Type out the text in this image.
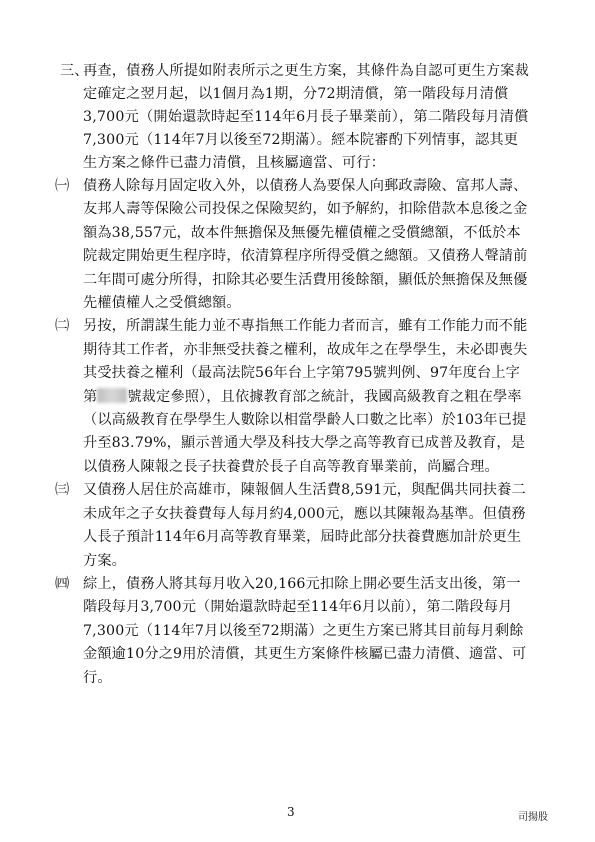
三、
再查，債務人所提如附表所示之更生方案，其條件為自認可更生方案裁定確定之翌月起，以1個月為1期，分72期清償，第一階段每月清償3,700元（開始還款時起至114年6月長子畢業前），第二階段每月清償7,300元（114年7月以後至72期滿）。經本院審酌下列情事，認其更生方案之條件已盡力清償，且核屬適當、可行：
㈠ 債務人除每月固定收入外，以債務人為要保人向郵政壽險、富邦人壽、友邦人壽等保險公司投保之保險契約，如予解約，扣除借款本息後之金額為38,557元，故本件無擔保及無優先權債權之受償總額，不低於本院裁定開始更生程序時，依清算程序所得受償之總額。又債務人聲請前二年間可處分所得，扣除其必要生活費用後餘額，顯低於無擔保及無優先權債權人之受償總額。
㈡ 另按，所謂謀生能力並不專指無工作能力者而言，雖有工作能力而不能期待其工作者，亦非無受扶養之權利，故成年之在學學生，未必即喪失其受扶養之權利（最高法院56年台上字第795號判例、97年度台上字第 號裁定參照），且依據教育部之統計，我國高級教育之粗在學率（以高級教育在學學生人數除以相當學齡人口數之比率）於103年已提升至83.79%，顯示普通大學及科技大學之高等教育已成普及教育，是以債務人陳報之長子扶養費於長子自高等教育畢業前，尚屬合理。
㈢ 又債務人居住於高雄市，陳報個人生活費8,591元，與配偶共同扶養二未成年之子女扶養費每人每月約4,000元，應以其陳報為基準。但債務人長子預計114年6月高等教育畢業，屆時此部分扶養費應加計於更生方案。
㈣ 綜上，債務人將其每月收入20,166元扣除上開必要生活支出後，第一階段每月3,700元（開始還款時起至114年6月以前），第二階段每月7,300元（114年7月以後至72期滿）之更生方案已將其目前每月剩餘金額逾10分之9用於清償，其更生方案條件核屬已盡力清償、適當、可行。
3	司揚股
